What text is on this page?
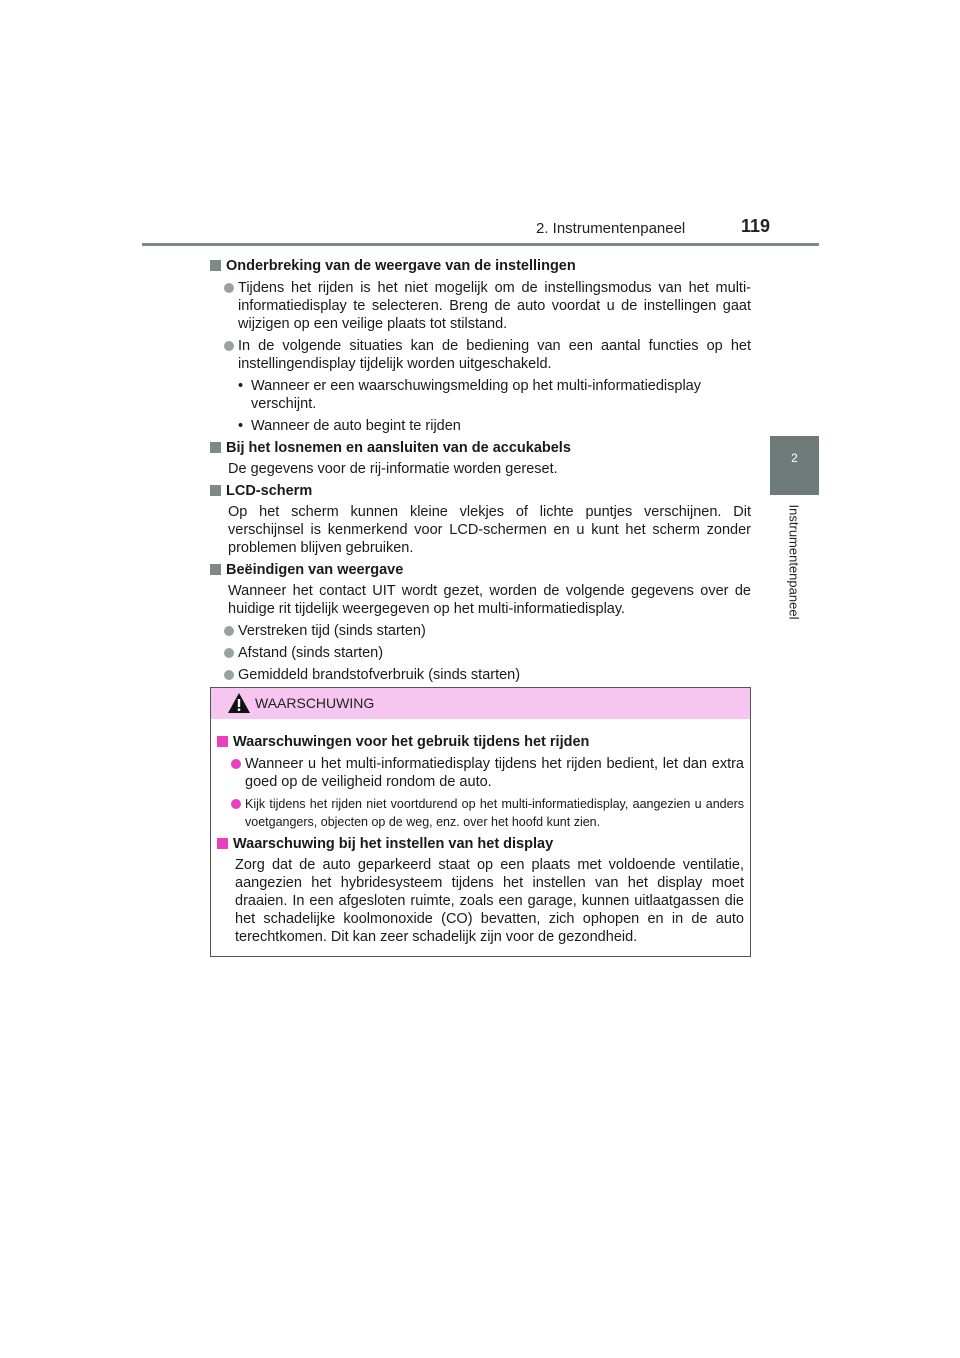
2. Instrumentenpaneel	119
2
Instrumentenpaneel
Onderbreking van de weergave van de instellingen
Tijdens het rijden is het niet mogelijk om de instellingsmodus van het multi-informatiedisplay te selecteren. Breng de auto voordat u de instellingen gaat wijzigen op een veilige plaats tot stilstand.
In de volgende situaties kan de bediening van een aantal functies op het instellingendisplay tijdelijk worden uitgeschakeld.
• Wanneer er een waarschuwingsmelding op het multi-informatiedisplay verschijnt.
• Wanneer de auto begint te rijden
Bij het losnemen en aansluiten van de accukabels
De gegevens voor de rij-informatie worden gereset.
LCD-scherm
Op het scherm kunnen kleine vlekjes of lichte puntjes verschijnen. Dit verschijnsel is kenmerkend voor LCD-schermen en u kunt het scherm zonder problemen blijven gebruiken.
Beëindigen van weergave
Wanneer het contact UIT wordt gezet, worden de volgende gegevens over de huidige rit tijdelijk weergegeven op het multi-informatiedisplay.
Verstreken tijd (sinds starten)
Afstand (sinds starten)
Gemiddeld brandstofverbruik (sinds starten)
WAARSCHUWING
Waarschuwingen voor het gebruik tijdens het rijden
Wanneer u het multi-informatiedisplay tijdens het rijden bedient, let dan extra goed op de veiligheid rondom de auto.
Kijk tijdens het rijden niet voortdurend op het multi-informatiedisplay, aangezien u anders voetgangers, objecten op de weg, enz. over het hoofd kunt zien.
Waarschuwing bij het instellen van het display
Zorg dat de auto geparkeerd staat op een plaats met voldoende ventilatie, aangezien het hybridesysteem tijdens het instellen van het display moet draaien. In een afgesloten ruimte, zoals een garage, kunnen uitlaatgassen die het schadelijke koolmonoxide (CO) bevatten, zich ophopen en in de auto terechtkomen. Dit kan zeer schadelijk zijn voor de gezondheid.
